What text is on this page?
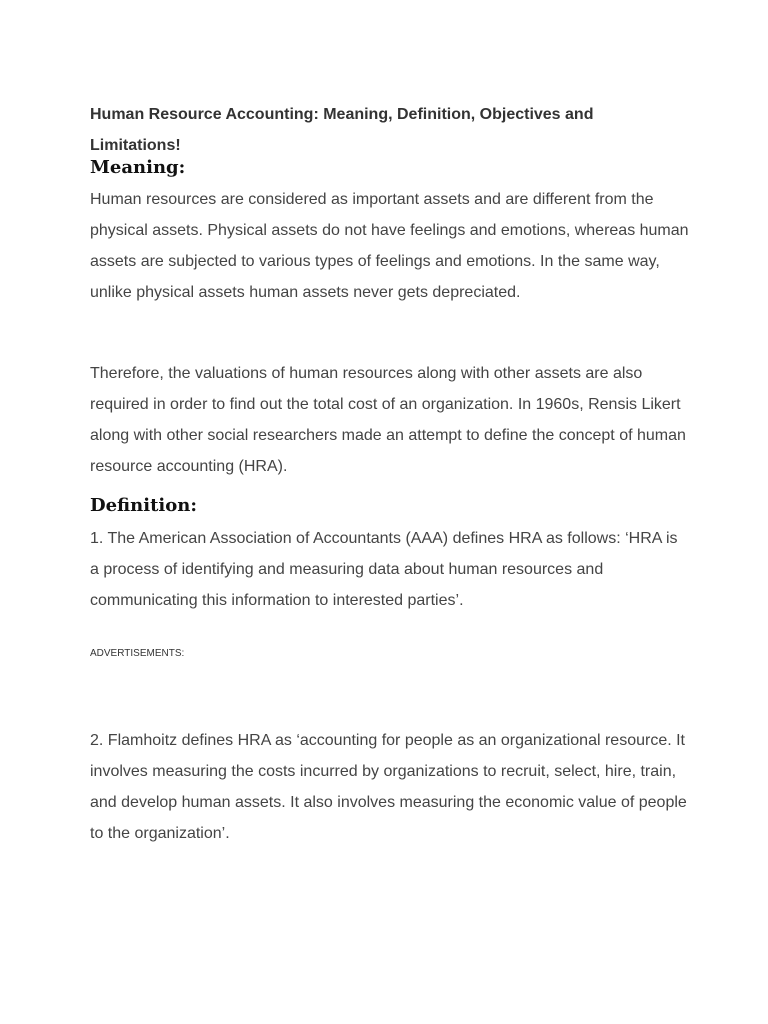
Human Resource Accounting: Meaning, Definition, Objectives and Limitations!
Meaning:

Human resources are considered as important assets and are different from the physical assets. Physical assets do not have feelings and emotions, whereas human assets are subjected to various types of feelings and emotions. In the same way, unlike physical assets human assets never gets depreciated.

Therefore, the valuations of human resources along with other assets are also required in order to find out the total cost of an organization. In 1960s, Rensis Likert along with other social researchers made an attempt to define the concept of human resource accounting (HRA).

Definition:

1. The American Association of Accountants (AAA) defines HRA as follows: ‘HRA is a process of identifying and measuring data about human resources and communicating this information to interested parties’.

ADVERTISEMENTS:

2. Flamhoitz defines HRA as ‘accounting for people as an organizational resource. It involves measuring the costs incurred by organizations to recruit, select, hire, train, and develop human assets. It also involves measuring the economic value of people to the organization’.
